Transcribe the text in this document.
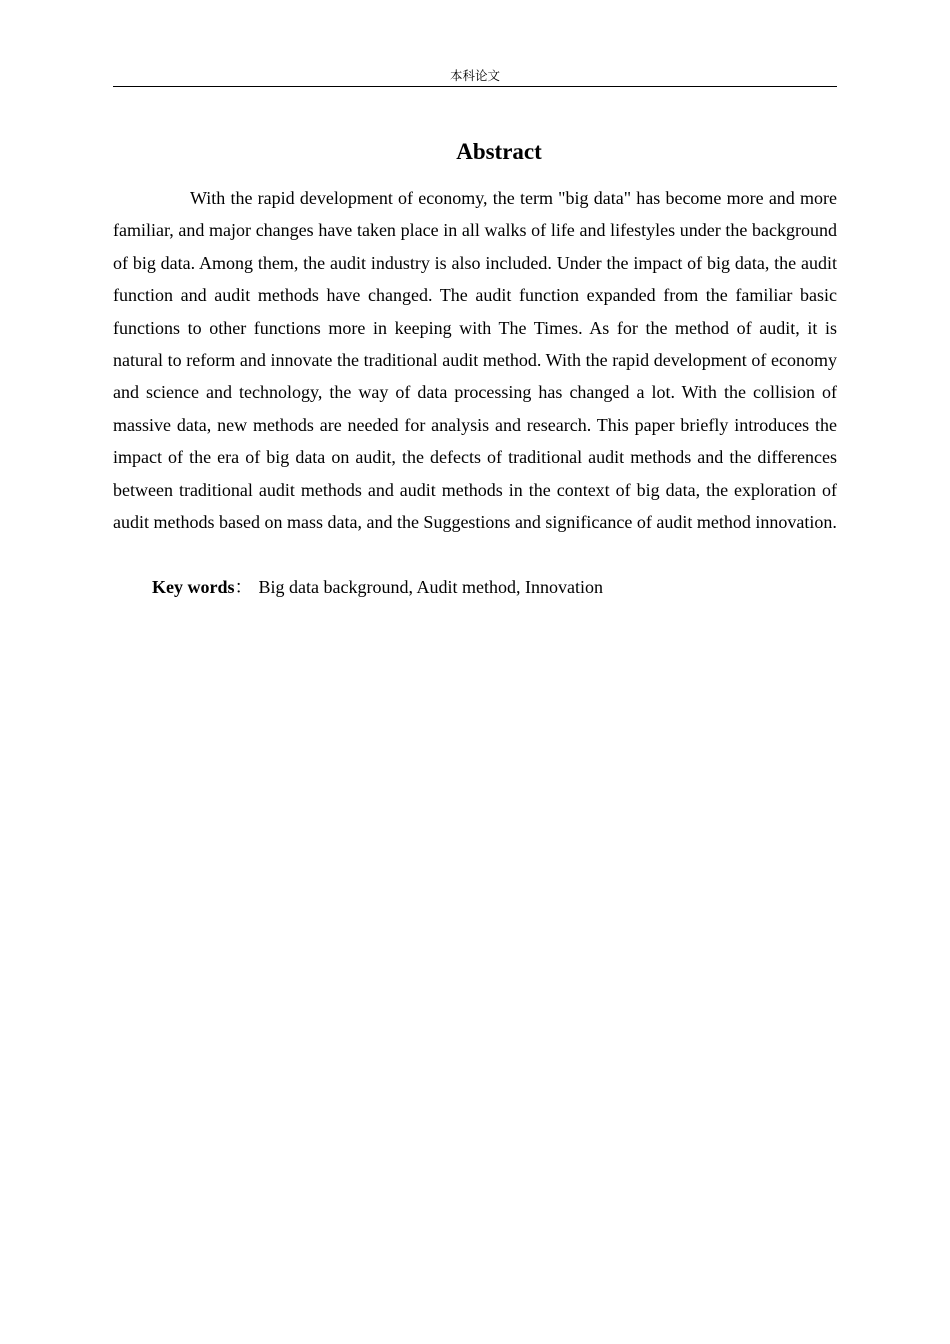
本科论文
Abstract

With the rapid development of economy, the term "big data" has become more and more familiar, and major changes have taken place in all walks of life and lifestyles under the background of big data. Among them, the audit industry is also included. Under the impact of big data, the audit function and audit methods have changed. The audit function expanded from the familiar basic functions to other functions more in keeping with The Times. As for the method of audit, it is natural to reform and innovate the traditional audit method. With the rapid development of economy and science and technology, the way of data processing has changed a lot. With the collision of massive data, new methods are needed for analysis and research. This paper briefly introduces the impact of the era of big data on audit, the defects of traditional audit methods and the differences between traditional audit methods and audit methods in the context of big data, the exploration of audit methods based on mass data, and the Suggestions and significance of audit method innovation.

Key words： Big data background, Audit method, Innovation
